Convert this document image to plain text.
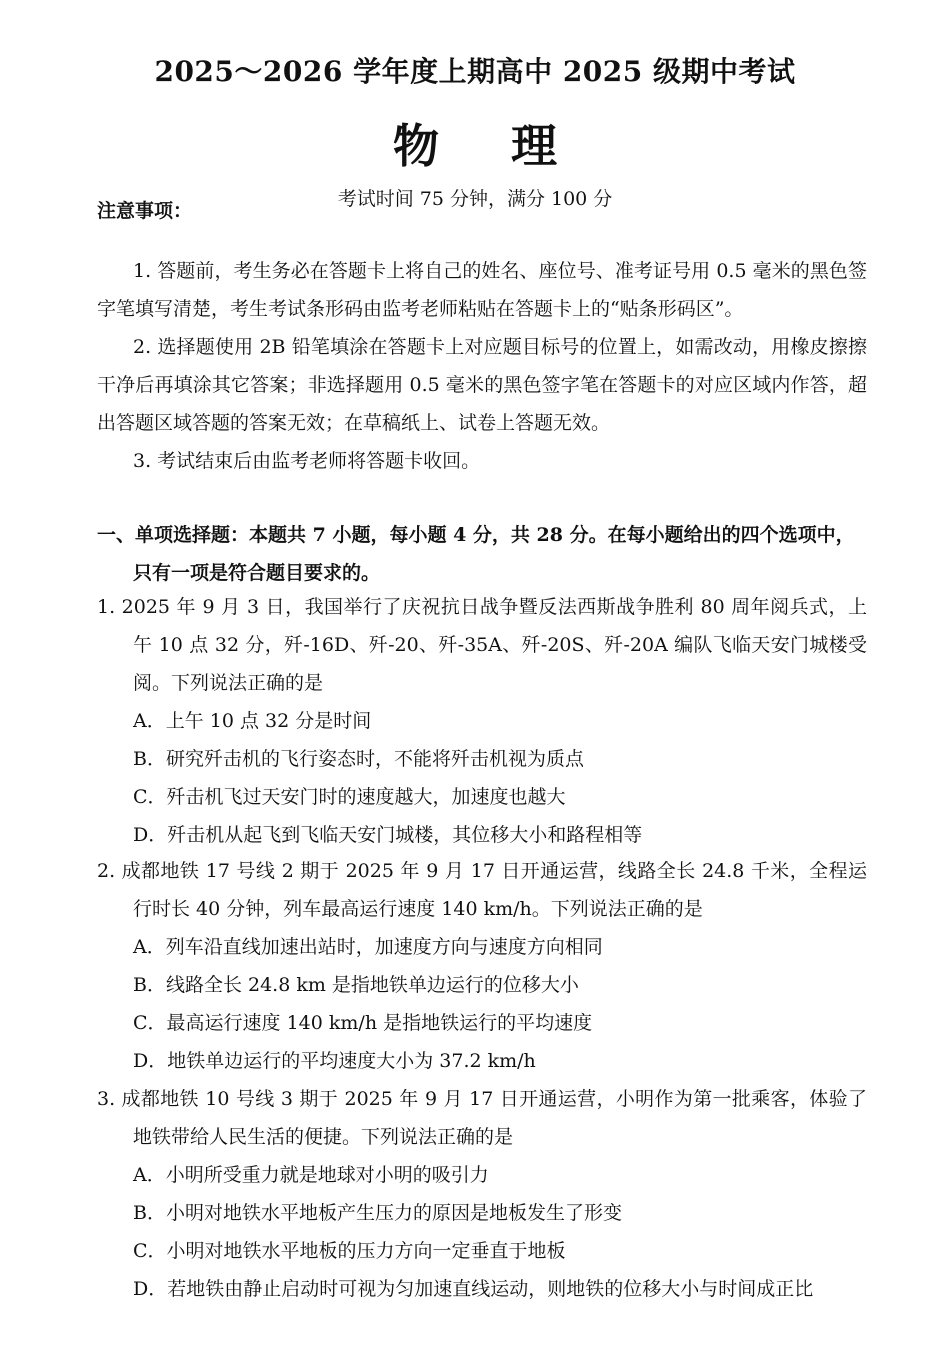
2025～2026 学年度上期高中 2025 级期中考试
物 理
考试时间 75 分钟，满分 100 分
注意事项：
1. 答题前，考生务必在答题卡上将自己的姓名、座位号、准考证号用 0.5 毫米的黑色签字笔填写清楚，考生考试条形码由监考老师粘贴在答题卡上的“贴条形码区”。
2. 选择题使用 2B 铅笔填涂在答题卡上对应题目标号的位置上，如需改动，用橡皮擦擦干净后再填涂其它答案；非选择题用 0.5 毫米的黑色签字笔在答题卡的对应区域内作答，超出答题区域答题的答案无效；在草稿纸上、试卷上答题无效。
3. 考试结束后由监考老师将答题卡收回。
一、单项选择题：本题共 7 小题，每小题 4 分，共 28 分。在每小题给出的四个选项中，
只有一项是符合题目要求的。
1. 2025 年 9 月 3 日，我国举行了庆祝抗日战争暨反法西斯战争胜利 80 周年阅兵式，上午 10 点 32 分，歼-16D、歼-20、歼-35A、歼-20S、歼-20A 编队飞临天安门城楼受阅。下列说法正确的是
A．上午 10 点 32 分是时间
B．研究歼击机的飞行姿态时，不能将歼击机视为质点
C．歼击机飞过天安门时的速度越大，加速度也越大
D．歼击机从起飞到飞临天安门城楼，其位移大小和路程相等
2. 成都地铁 17 号线 2 期于 2025 年 9 月 17 日开通运营，线路全长 24.8 千米，全程运行时长 40 分钟，列车最高运行速度 140 km/h。下列说法正确的是
A．列车沿直线加速出站时，加速度方向与速度方向相同
B．线路全长 24.8 km 是指地铁单边运行的位移大小
C．最高运行速度 140 km/h 是指地铁运行的平均速度
D．地铁单边运行的平均速度大小为 37.2 km/h
3. 成都地铁 10 号线 3 期于 2025 年 9 月 17 日开通运营，小明作为第一批乘客，体验了地铁带给人民生活的便捷。下列说法正确的是
A．小明所受重力就是地球对小明的吸引力
B．小明对地铁水平地板产生压力的原因是地板发生了形变
C．小明对地铁水平地板的压力方向一定垂直于地板
D．若地铁由静止启动时可视为匀加速直线运动，则地铁的位移大小与时间成正比
